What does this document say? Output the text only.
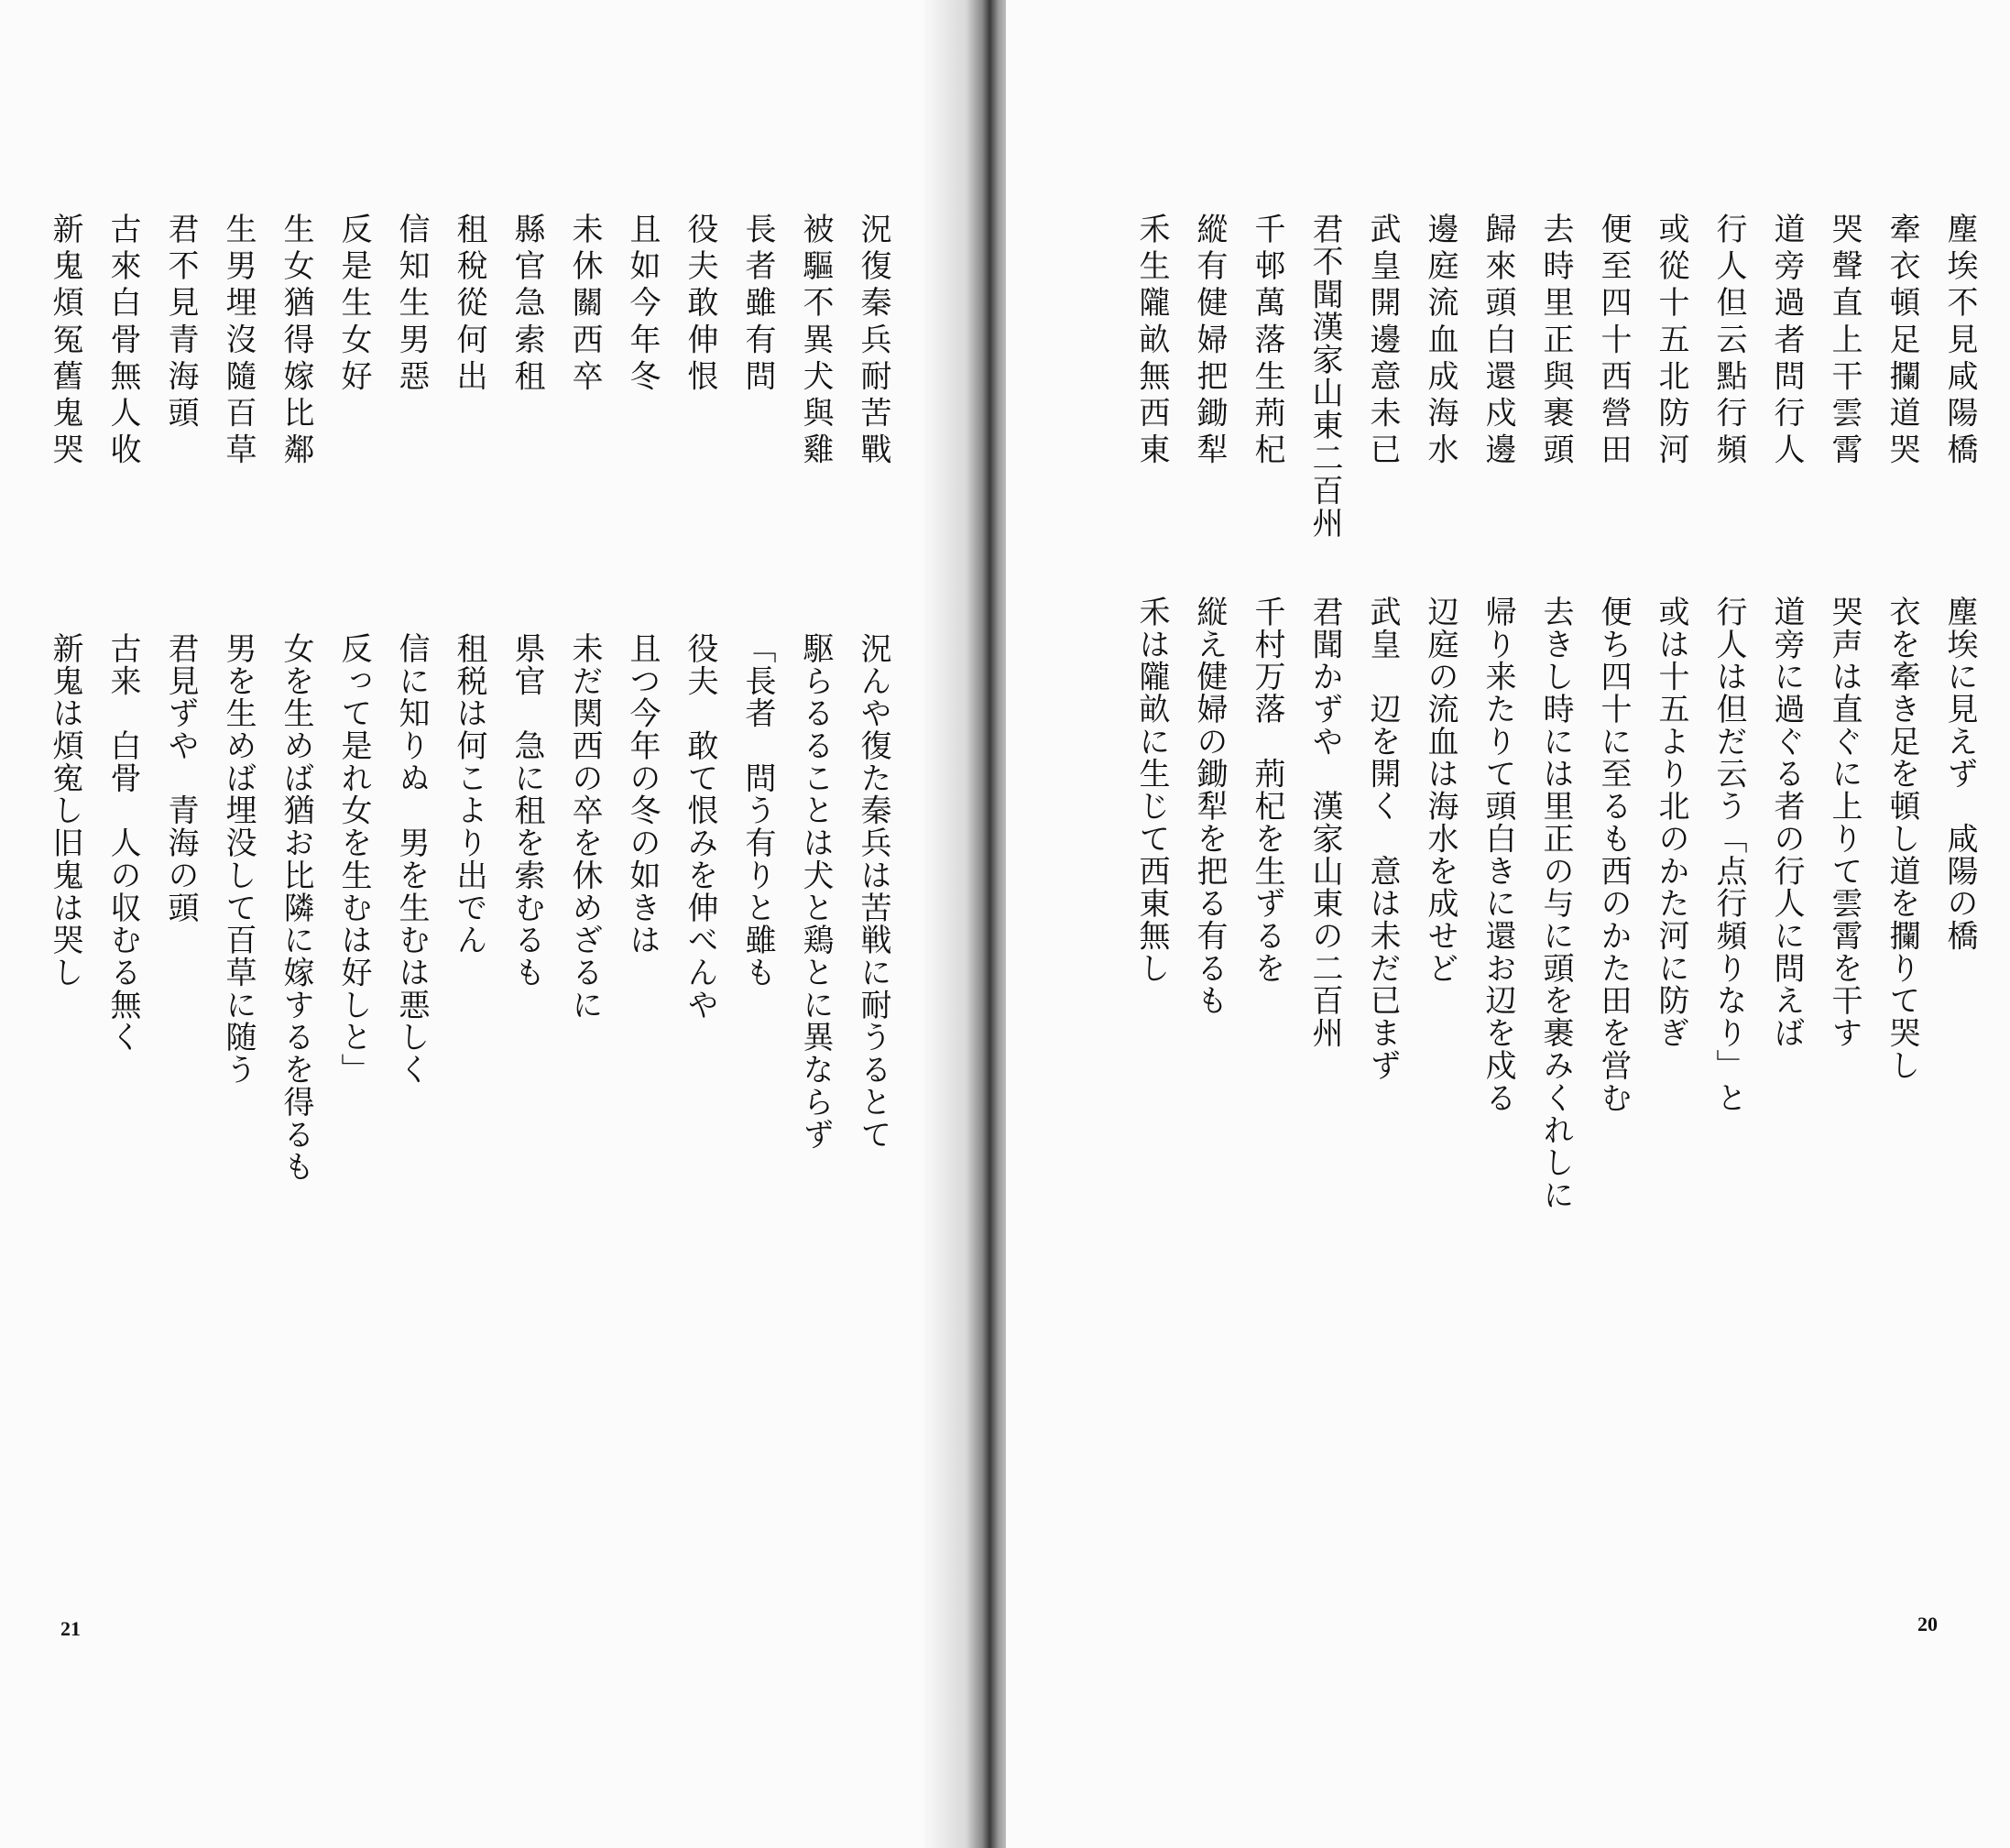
況復秦兵耐苦戰
被驅不異犬與雞
長者雖有問
役夫敢伸恨
且如今年冬
未休關西卒
縣官急索租
租稅從何出
信知生男惡
反是生女好
生女猶得嫁比鄰
生男埋沒隨百草
君不見青海頭
古來白骨無人收
新鬼煩冤舊鬼哭
況んや復た秦兵は苦戦に耐うるとて
駆らるることは犬と鶏とに異ならず
「長者　問う有りと雖も
役夫　敢て恨みを伸べんや
且つ今年の冬の如きは
未だ関西の卒を休めざるに
県官　急に租を索むるも
租税は何こより出でん
信に知りぬ　男を生むは悪しく
反って是れ女を生むは好しと」
女を生めば猶お比隣に嫁するを得るも
男を生めば埋没して百草に随う
君見ずや　青海の頭
古来　白骨　人の収むる無く
新鬼は煩寃し旧鬼は哭し
21
塵埃不見咸陽橋
牽衣頓足攔道哭
哭聲直上干雲霄
道旁過者問行人
行人但云點行頻
或從十五北防河
便至四十西營田
去時里正與裹頭
歸來頭白還戍邊
邊庭流血成海水
武皇開邊意未已
君不聞漢家山東二百州
千邨萬落生荊杞
縱有健婦把鋤犁
禾生隴畝無西東
塵埃に見えず　咸陽の橋
衣を牽き足を頓し道を攔りて哭し
哭声は直ぐに上りて雲霄を干す
道旁に過ぐる者の行人に問えば
行人は但だ云う「点行頻りなり」と
或は十五より北のかた河に防ぎ
便ち四十に至るも西のかた田を営む
去きし時には里正の与に頭を裹みくれしに
帰り来たりて頭白きに還お辺を戍る
辺庭の流血は海水を成せど
武皇　辺を開く　意は未だ已まず
君聞かずや　漢家山東の二百州
千村万落　荊杞を生ずるを
縦え健婦の鋤犁を把る有るも
禾は隴畝に生じて西東無し
20
